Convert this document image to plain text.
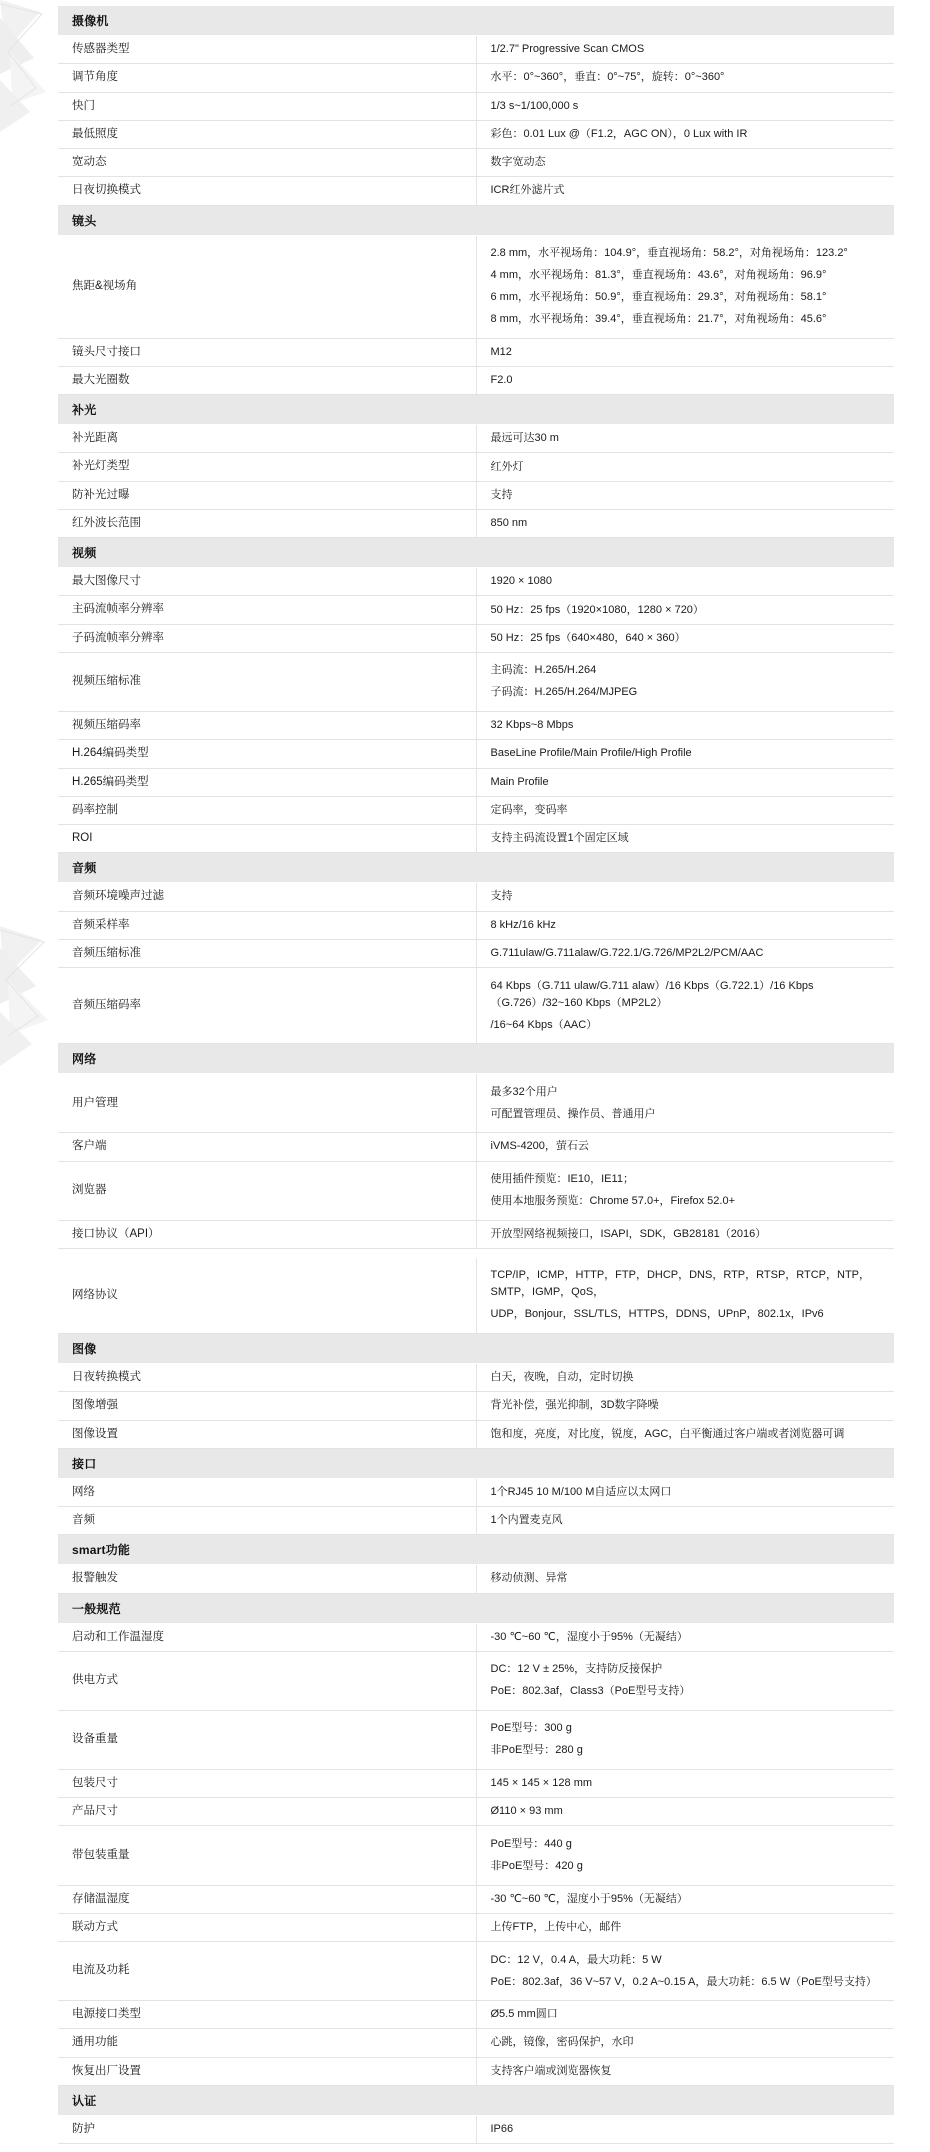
摄像机	
传感器类型	1/2.7" Progressive Scan CMOS

调节角度	水平：0°~360°，垂直：0°~75°，旋转：0°~360°

快门	1/3 s~1/100,000 s

最低照度	彩色：0.01 Lux @（F1.2，AGC ON），0 Lux with IR

宽动态	数字宽动态

日夜切换模式	ICR红外滤片式

镜头	
焦距&视场角	2.8 mm，水平视场角：104.9°，垂直视场角：58.2°，对角视场角：123.2°
4 mm，水平视场角：81.3°，垂直视场角：43.6°，对角视场角：96.9°
6 mm，水平视场角：50.9°，垂直视场角：29.3°，对角视场角：58.1°
8 mm，水平视场角：39.4°，垂直视场角：21.7°，对角视场角：45.6°

镜头尺寸接口	M12

最大光圈数	F2.0

补光	
补光距离	最远可达30 m

补光灯类型	红外灯

防补光过曝	支持

红外波长范围	850 nm

视频	
最大图像尺寸	1920 × 1080

主码流帧率分辨率	50 Hz：25 fps（1920×1080，1280 × 720）

子码流帧率分辨率	50 Hz：25 fps（640×480，640 × 360）

视频压缩标准	主码流：H.265/H.264
子码流：H.265/H.264/MJPEG

视频压缩码率	32 Kbps~8 Mbps

H.264编码类型	BaseLine Profile/Main Profile/High Profile

H.265编码类型	Main Profile

码率控制	定码率，变码率

ROI	支持主码流设置1个固定区域

音频	
音频环境噪声过滤	支持

音频采样率	8 kHz/16 kHz

音频压缩标准	G.711ulaw/G.711alaw/G.722.1/G.726/MP2L2/PCM/AAC

音频压缩码率	64 Kbps（G.711 ulaw/G.711 alaw）/16 Kbps（G.722.1）/16 Kbps（G.726）/32~160 Kbps（MP2L2）
/16~64 Kbps（AAC）

网络	
用户管理	最多32个用户
可配置管理员、操作员、普通用户

客户端	iVMS-4200，萤石云

浏览器	使用插件预览：IE10，IE11；
使用本地服务预览：Chrome 57.0+，Firefox 52.0+

接口协议（API）	开放型网络视频接口，ISAPI，SDK，GB28181（2016）

网络协议	TCP/IP，ICMP，HTTP，FTP，DHCP，DNS，RTP，RTSP，RTCP，NTP，SMTP，IGMP，QoS，
UDP，Bonjour，SSL/TLS，HTTPS，DDNS，UPnP，802.1x，IPv6

图像	
日夜转换模式	白天，夜晚，自动，定时切换

图像增强	背光补偿，强光抑制，3D数字降噪

图像设置	饱和度，亮度，对比度，锐度，AGC，白平衡通过客户端或者浏览器可调

接口	
网络	1个RJ45 10 M/100 M自适应以太网口

音频	1个内置麦克风

smart功能	
报警触发	移动侦测、异常

一般规范	
启动和工作温湿度	-30 ℃~60 ℃，湿度小于95%（无凝结）

供电方式	DC：12 V ± 25%，支持防反接保护
PoE：802.3af，Class3（PoE型号支持）

设备重量	PoE型号：300 g
非PoE型号：280 g

包装尺寸	145 × 145 × 128 mm

产品尺寸	Ø110 × 93 mm

带包装重量	PoE型号：440 g
非PoE型号：420 g

存储温湿度	-30 ℃~60 ℃，湿度小于95%（无凝结）

联动方式	上传FTP，上传中心，邮件

电流及功耗	DC：12 V，0.4 A，最大功耗：5 W
PoE：802.3af，36 V~57 V，0.2 A~0.15 A，最大功耗：6.5 W（PoE型号支持）

电源接口类型	Ø5.5 mm圆口

通用功能	心跳，镜像，密码保护，水印

恢复出厂设置	支持客户端或浏览器恢复

认证	
防护	IP66
